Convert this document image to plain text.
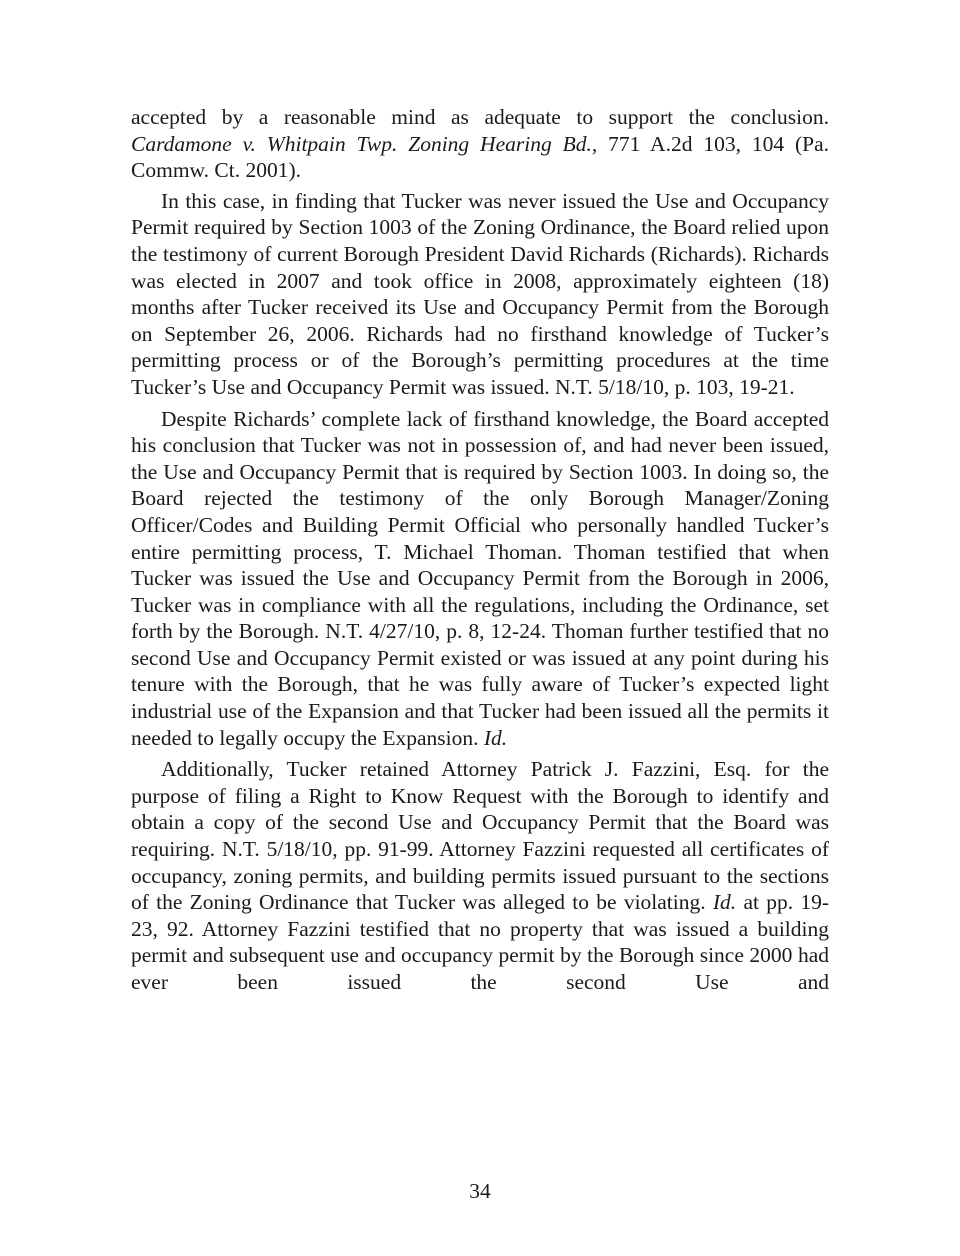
accepted by a reasonable mind as adequate to support the conclusion. Cardamone v. Whitpain Twp. Zoning Hearing Bd., 771 A.2d 103, 104 (Pa. Commw. Ct. 2001).

In this case, in finding that Tucker was never issued the Use and Occupancy Permit required by Section 1003 of the Zoning Ordinance, the Board relied upon the testimony of current Borough President David Richards (Richards). Richards was elected in 2007 and took office in 2008, approximately eighteen (18) months after Tucker received its Use and Occupancy Permit from the Borough on September 26, 2006. Richards had no firsthand knowledge of Tucker’s permitting process or of the Borough’s permitting procedures at the time Tucker’s Use and Occupancy Permit was issued. N.T. 5/18/10, p. 103, 19-21.

Despite Richards’ complete lack of firsthand knowledge, the Board accepted his conclusion that Tucker was not in possession of, and had never been issued, the Use and Occupancy Permit that is required by Section 1003. In doing so, the Board rejected the testimony of the only Borough Manager/Zoning Officer/Codes and Building Permit Official who personally handled Tucker’s entire permitting process, T. Michael Thoman. Thoman testified that when Tucker was issued the Use and Occupancy Permit from the Borough in 2006, Tucker was in compliance with all the regulations, including the Ordinance, set forth by the Borough. N.T. 4/27/10, p. 8, 12-24. Thoman further testified that no second Use and Occupancy Permit existed or was issued at any point during his tenure with the Borough, that he was fully aware of Tucker’s expected light industrial use of the Expansion and that Tucker had been issued all the permits it needed to legally occupy the Expansion. Id.

Additionally, Tucker retained Attorney Patrick J. Fazzini, Esq. for the purpose of filing a Right to Know Request with the Borough to identify and obtain a copy of the second Use and Occupancy Permit that the Board was requiring. N.T. 5/18/10, pp. 91-99. Attorney Fazzini requested all certificates of occupancy, zoning permits, and building permits issued pursuant to the sections of the Zoning Ordinance that Tucker was alleged to be violating. Id. at pp. 19-23, 92. Attorney Fazzini testified that no property that was issued a building permit and subsequent use and occupancy permit by the Borough since 2000 had ever been issued the second Use and

34
